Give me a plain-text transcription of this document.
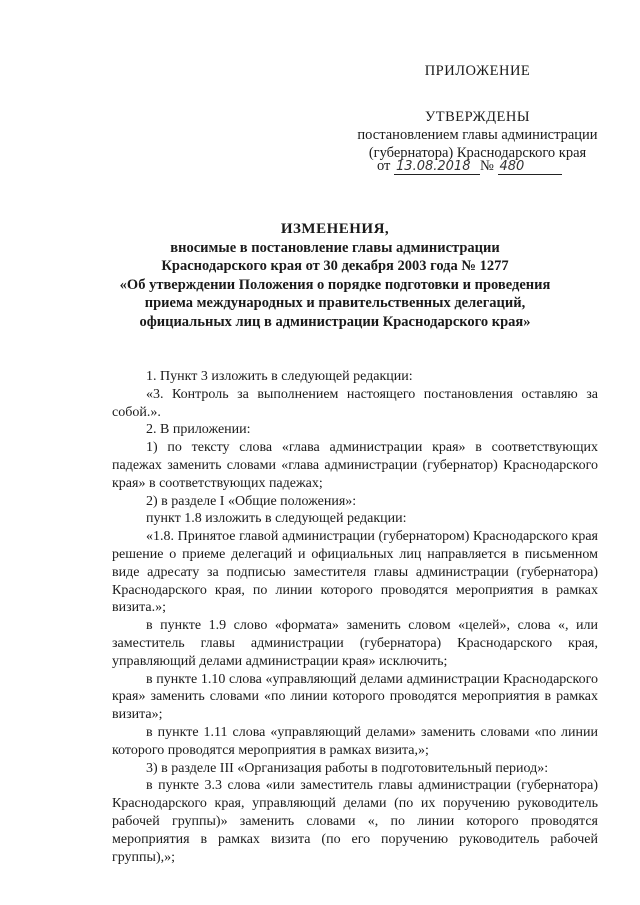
ПРИЛОЖЕНИЕ
УТВЕРЖДЕНЫ
постановлением главы администрации
(губернатора) Краснодарского края
от 13.08.2018 № 480
ИЗМЕНЕНИЯ,
вносимые в постановление главы администрации
Краснодарского края от 30 декабря 2003 года № 1277
«Об утверждении Положения о порядке подготовки и проведения
приема международных и правительственных делегаций,
официальных лиц в администрации Краснодарского края»

1. Пункт 3 изложить в следующей редакции:

«3. Контроль за выполнением настоящего постановления оставляю за собой.».

2. В приложении:

1) по тексту слова «глава администрации края» в соответствующих падежах заменить словами «глава администрации (губернатор) Краснодарского края» в соответствующих падежах;

2) в разделе I «Общие положения»:

пункт 1.8 изложить в следующей редакции:

«1.8. Принятое главой администрации (губернатором) Краснодарского края решение о приеме делегаций и официальных лиц направляется в письменном виде адресату за подписью заместителя главы администрации (губернатора) Краснодарского края, по линии которого проводятся мероприятия в рамках визита.»;

в пункте 1.9 слово «формата» заменить словом «целей», слова «, или заместитель главы администрации (губернатора) Краснодарского края, управляющий делами администрации края» исключить;

в пункте 1.10 слова «управляющий делами администрации Краснодарского края» заменить словами «по линии которого проводятся мероприятия в рамках визита»;

в пункте 1.11 слова «управляющий делами» заменить словами «по линии которого проводятся мероприятия в рамках визита,»;

3) в разделе III «Организация работы в подготовительный период»:

в пункте 3.3 слова «или заместитель главы администрации (губернатора) Краснодарского края, управляющий делами (по их поручению руководитель рабочей группы)» заменить словами «, по линии которого проводятся мероприятия в рамках визита (по его поручению руководитель рабочей группы),»;
